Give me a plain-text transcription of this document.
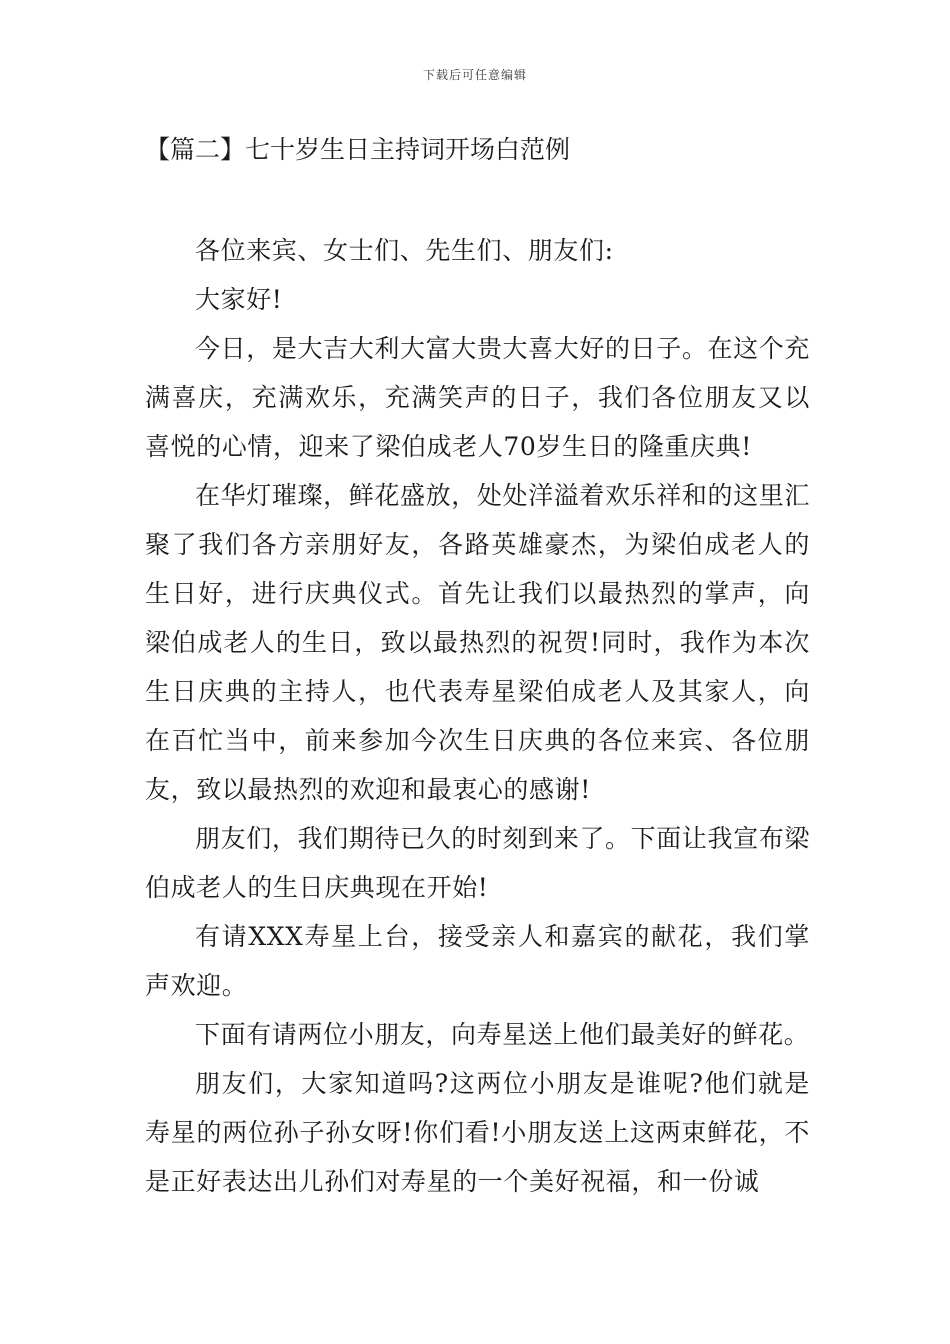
下载后可任意编辑
【篇二】七十岁生日主持词开场白范例

各位来宾、女士们、先生们、朋友们:

大家好!

今日，是大吉大利大富大贵大喜大好的日子。在这个充满喜庆，充满欢乐，充满笑声的日子，我们各位朋友又以喜悦的心情，迎来了梁伯成老人70岁生日的隆重庆典!

在华灯璀璨，鲜花盛放，处处洋溢着欢乐祥和的这里汇聚了我们各方亲朋好友，各路英雄豪杰，为梁伯成老人的生日好，进行庆典仪式。首先让我们以最热烈的掌声，向梁伯成老人的生日，致以最热烈的祝贺!同时，我作为本次生日庆典的主持人，也代表寿星梁伯成老人及其家人，向在百忙当中，前来参加今次生日庆典的各位来宾、各位朋友，致以最热烈的欢迎和最衷心的感谢!

朋友们，我们期待已久的时刻到来了。下面让我宣布梁伯成老人的生日庆典现在开始!

有请XXX寿星上台，接受亲人和嘉宾的献花，我们掌声欢迎。

下面有请两位小朋友，向寿星送上他们最美好的鲜花。

朋友们，大家知道吗?这两位小朋友是谁呢?他们就是寿星的两位孙子孙女呀!你们看!小朋友送上这两束鲜花，不是正好表达出儿孙们对寿星的一个美好祝福，和一份诚
